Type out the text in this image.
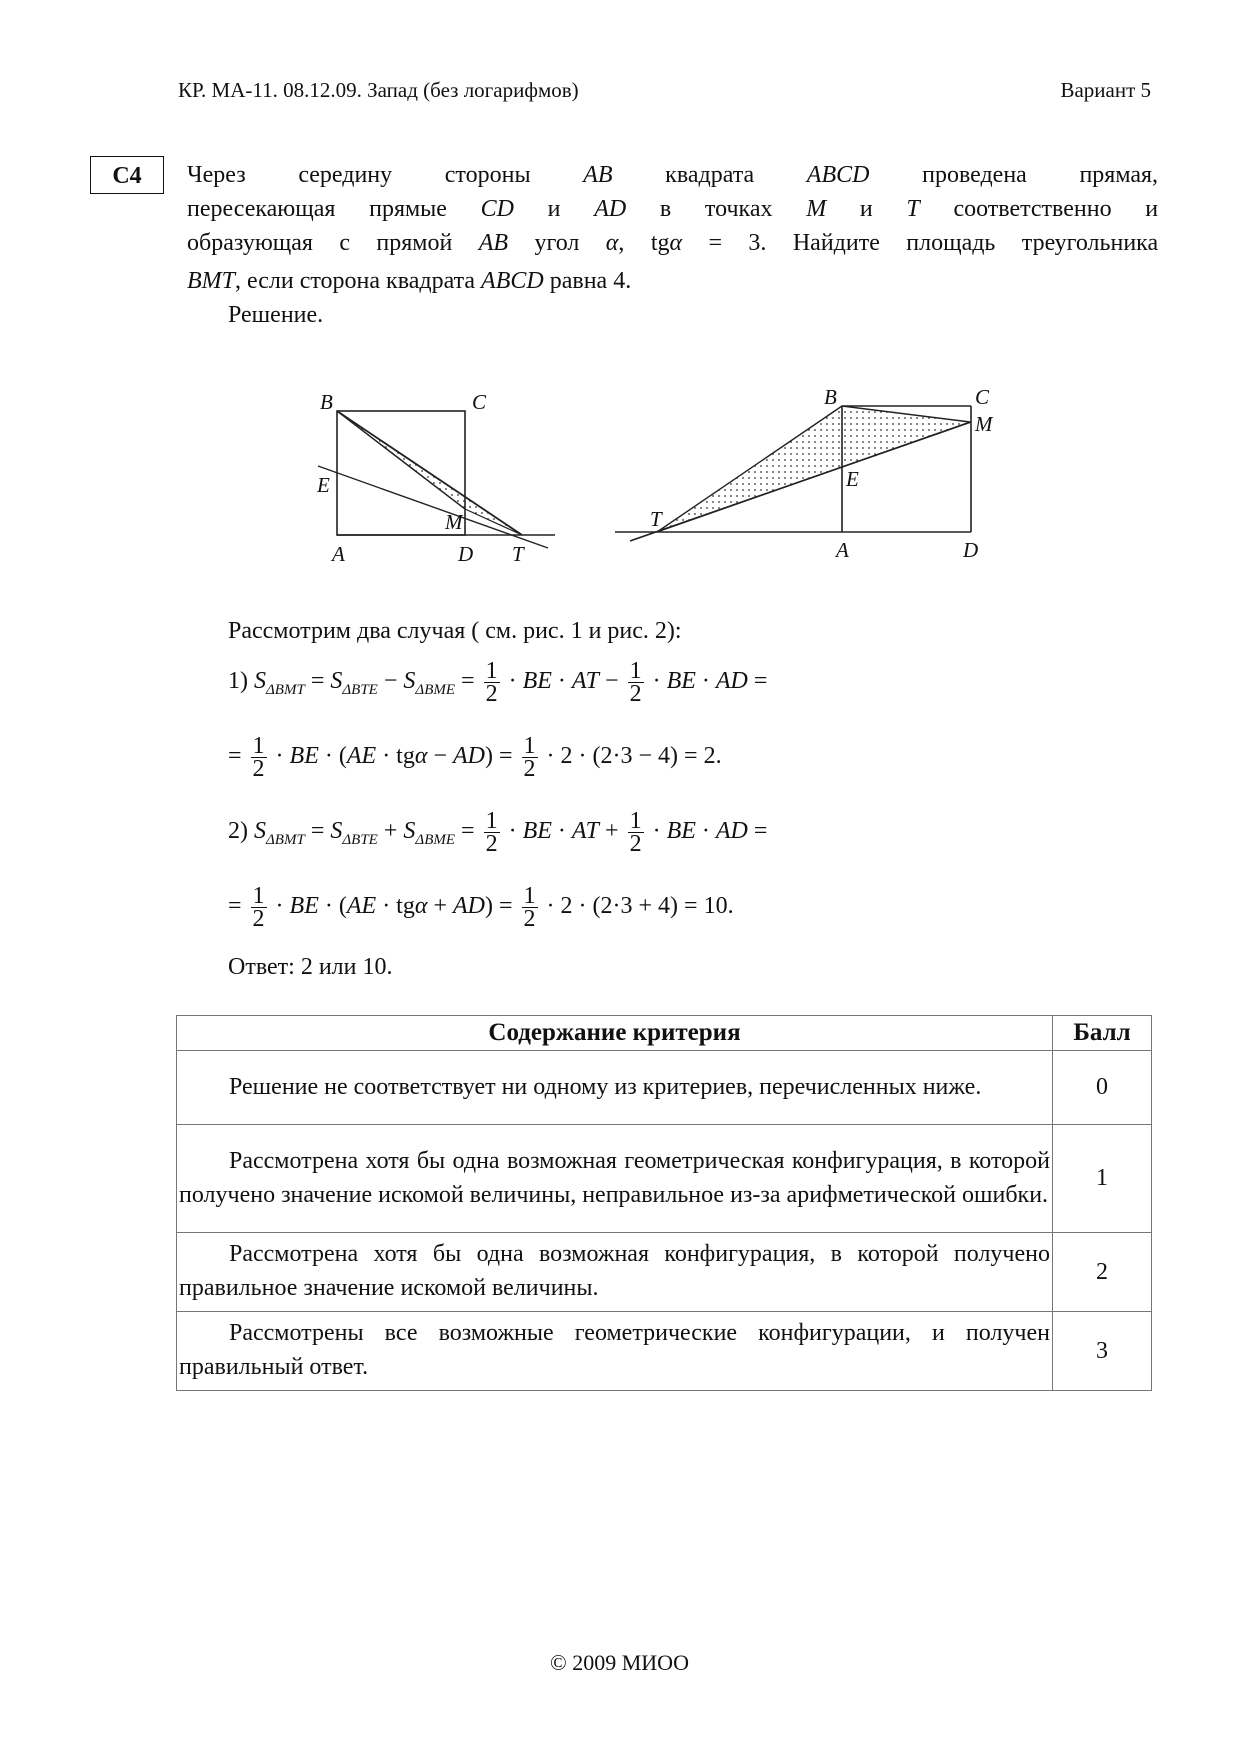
КР. МА-11. 08.12.09. Запад (без логарифмов)	Вариант 5
С4	Через середину стороны AB квадрата ABCD проведена прямая,
пересекающая прямые CD и AD в точках M и T соответственно и
образующая с прямой AB угол α, tgα = 3. Найдите площадь треугольника
BMT, если сторона квадрата ABCD равна 4.
Решение.
B	C
E
M
A	D T
B	C
M
E
T
A	D
Рассмотрим два случая ( см. рис. 1 и рис. 2):
1) $S_{\Delta BMT} = S_{\Delta BTE} - S_{\Delta BME} = \frac{1}{2}$ · BE · AT − $\frac{1}{2}$ · BE · AD =
= $\frac{1}{2}$ · BE · $(AE \cdot tg\alpha - AD) = \frac{1}{2} \cdot 2 \cdot (2\cdot 3 - 4) = 2$.
2) $S_{\Delta BMT} = S_{\Delta BTE} + S_{\Delta BME} = \frac{1}{2}$ · BE · AT + $\frac{1}{2}$ · BE · AD =
= $\frac{1}{2}$ · BE · $(AE \cdot tg\alpha + AD) = \frac{1}{2} \cdot 2 \cdot (2\cdot 3 + 4) = 10$.
Ответ: 2 или 10.
Содержание критерия	Балл
Решение не соответствует ни одному из критериев, перечисленных ниже.	0
Рассмотрена хотя бы одна возможная геометрическая конфигурация, в которой получено значение искомой величины, неправильное из-за арифметической ошибки.	1
Рассмотрена хотя бы одна возможная конфигурация, в которой получено правильное значение искомой величины.	2
Рассмотрены все возможные геометрические конфигурации, и получен правильный ответ.	3
© 2009 МИОО
